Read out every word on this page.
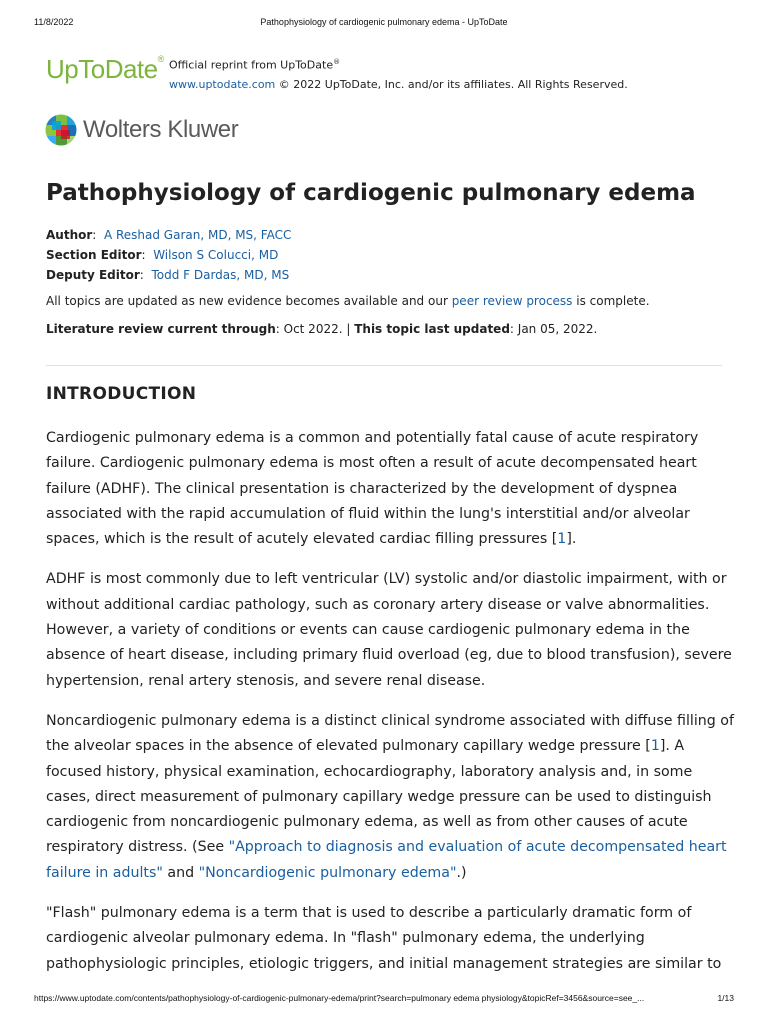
11/8/2022	Pathophysiology of cardiogenic pulmonary edema - UpToDate
UpToDate® Official reprint from UpToDate®
www.uptodate.com © 2022 UpToDate, Inc. and/or its affiliates. All Rights Reserved.
Wolters Kluwer
Pathophysiology of cardiogenic pulmonary edema
Author:  A Reshad Garan, MD, MS, FACC
Section Editor:  Wilson S Colucci, MD
Deputy Editor:  Todd F Dardas, MD, MS
All topics are updated as new evidence becomes available and our peer review process is complete.
Literature review current through: Oct 2022. | This topic last updated: Jan 05, 2022.
INTRODUCTION

Cardiogenic pulmonary edema is a common and potentially fatal cause of acute respiratory failure. Cardiogenic pulmonary edema is most often a result of acute decompensated heart failure (ADHF). The clinical presentation is characterized by the development of dyspnea associated with the rapid accumulation of fluid within the lung's interstitial and/or alveolar spaces, which is the result of acutely elevated cardiac filling pressures [1].

ADHF is most commonly due to left ventricular (LV) systolic and/or diastolic impairment, with or without additional cardiac pathology, such as coronary artery disease or valve abnormalities. However, a variety of conditions or events can cause cardiogenic pulmonary edema in the absence of heart disease, including primary fluid overload (eg, due to blood transfusion), severe hypertension, renal artery stenosis, and severe renal disease.

Noncardiogenic pulmonary edema is a distinct clinical syndrome associated with diffuse filling of the alveolar spaces in the absence of elevated pulmonary capillary wedge pressure [1]. A focused history, physical examination, echocardiography, laboratory analysis and, in some cases, direct measurement of pulmonary capillary wedge pressure can be used to distinguish cardiogenic from noncardiogenic pulmonary edema, as well as from other causes of acute respiratory distress. (See "Approach to diagnosis and evaluation of acute decompensated heart failure in adults" and "Noncardiogenic pulmonary edema".)

"Flash" pulmonary edema is a term that is used to describe a particularly dramatic form of cardiogenic alveolar pulmonary edema. In "flash" pulmonary edema, the underlying pathophysiologic principles, etiologic triggers, and initial management strategies are similar to

https://www.uptodate.com/contents/pathophysiology-of-cardiogenic-pulmonary-edema/print?search=pulmonary edema physiology&topicRef=3456&source=see_...	1/13
